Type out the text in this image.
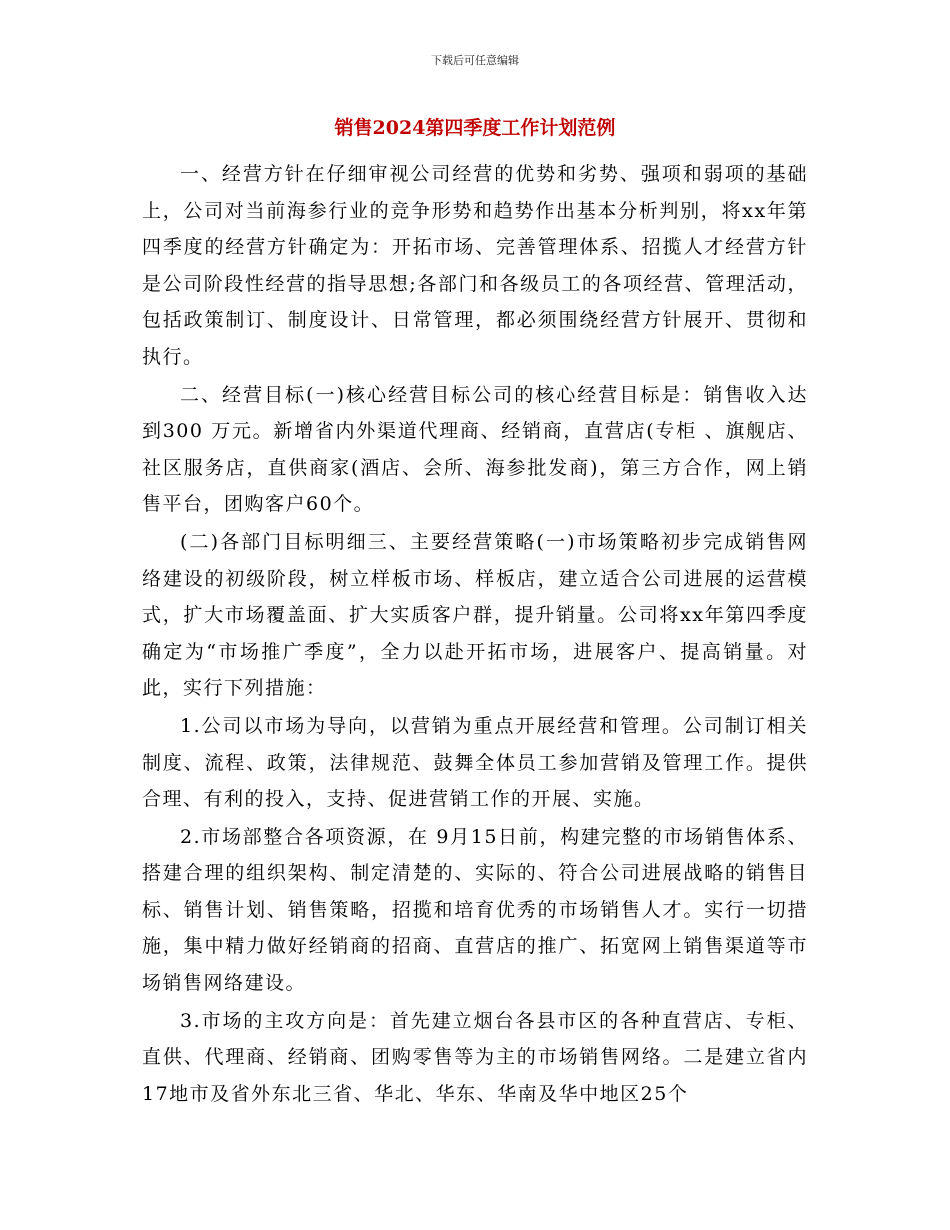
下载后可任意编辑
销售2024第四季度工作计划范例

一、经营方针在仔细审视公司经营的优势和劣势、强项和弱项的基础上，公司对当前海参行业的竞争形势和趋势作出基本分析判别，将xx年第四季度的经营方针确定为：开拓市场、完善管理体系、招揽人才经营方针是公司阶段性经营的指导思想;各部门和各级员工的各项经营、管理活动，包括政策制订、制度设计、日常管理，都必须围绕经营方针展开、贯彻和执行。

二、经营目标(一)核心经营目标公司的核心经营目标是：销售收入达到300 万元。新增省内外渠道代理商、经销商，直营店(专柜 、旗舰店、社区服务店，直供商家(酒店、会所、海参批发商)，第三方合作，网上销售平台，团购客户60个。

(二)各部门目标明细三、主要经营策略(一)市场策略初步完成销售网络建设的初级阶段，树立样板市场、样板店，建立适合公司进展的运营模式，扩大市场覆盖面、扩大实质客户群，提升销量。公司将xx年第四季度确定为“市场推广季度”，全力以赴开拓市场，进展客户、提高销量。对此，实行下列措施：

1.公司以市场为导向，以营销为重点开展经营和管理。公司制订相关制度、流程、政策，法律规范、鼓舞全体员工参加营销及管理工作。提供合理、有利的投入，支持、促进营销工作的开展、实施。

2.市场部整合各项资源，在 9月15日前，构建完整的市场销售体系、搭建合理的组织架构、制定清楚的、实际的、符合公司进展战略的销售目标、销售计划、销售策略，招揽和培育优秀的市场销售人才。实行一切措施，集中精力做好经销商的招商、直营店的推广、拓宽网上销售渠道等市场销售网络建设。

3.市场的主攻方向是：首先建立烟台各县市区的各种直营店、专柜、直供、代理商、经销商、团购零售等为主的市场销售网络。二是建立省内17地市及省外东北三省、华北、华东、华南及华中地区25个
